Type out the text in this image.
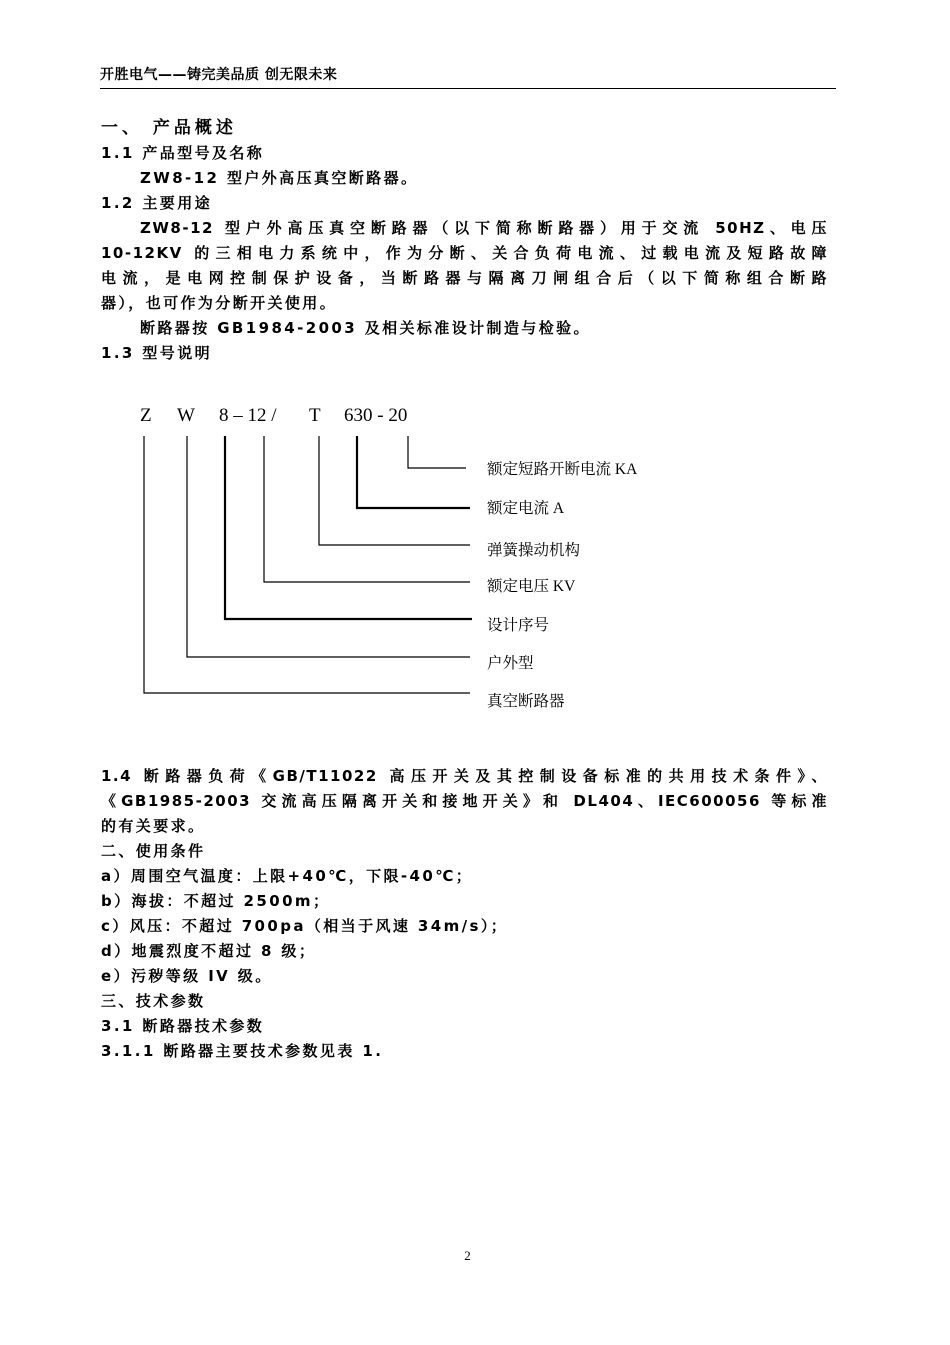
开胜电气——铸完美品质 创无限未来
一、 产品概述
1.1 产品型号及名称
ZW8-12 型户外高压真空断路器。
1.2 主要用途
ZW8-12 型户外高压真空断路器（以下简称断路器）用于交流 50HZ、电压
10-12KV 的三相电力系统中，作为分断、关合负荷电流、过载电流及短路故障
电流，是电网控制保护设备，当断路器与隔离刀闸组合后（以下简称组合断路
器），也可作为分断开关使用。
断路器按 GB1984-2003 及相关标准设计制造与检验。
1.3 型号说明
Z W 8 – 12 / T 630 - 20
额定短路开断电流 KA
额定电流 A
弹簧操动机构
额定电压 KV
设计序号
户外型
真空断路器
1.4 断路器负荷《GB/T11022 高压开关及其控制设备标准的共用技术条件》、
《GB1985-2003 交流高压隔离开关和接地开关》和 DL404、IEC600056 等标准
的有关要求。
二、使用条件
a）周围空气温度：上限+40℃，下限-40℃；
b）海拔：不超过 2500m；
c）风压：不超过 700pa（相当于风速 34m/s）；
d）地震烈度不超过 8 级；
e）污秽等级 IV 级。
三、技术参数
3.1 断路器技术参数
3.1.1 断路器主要技术参数见表 1.
2
